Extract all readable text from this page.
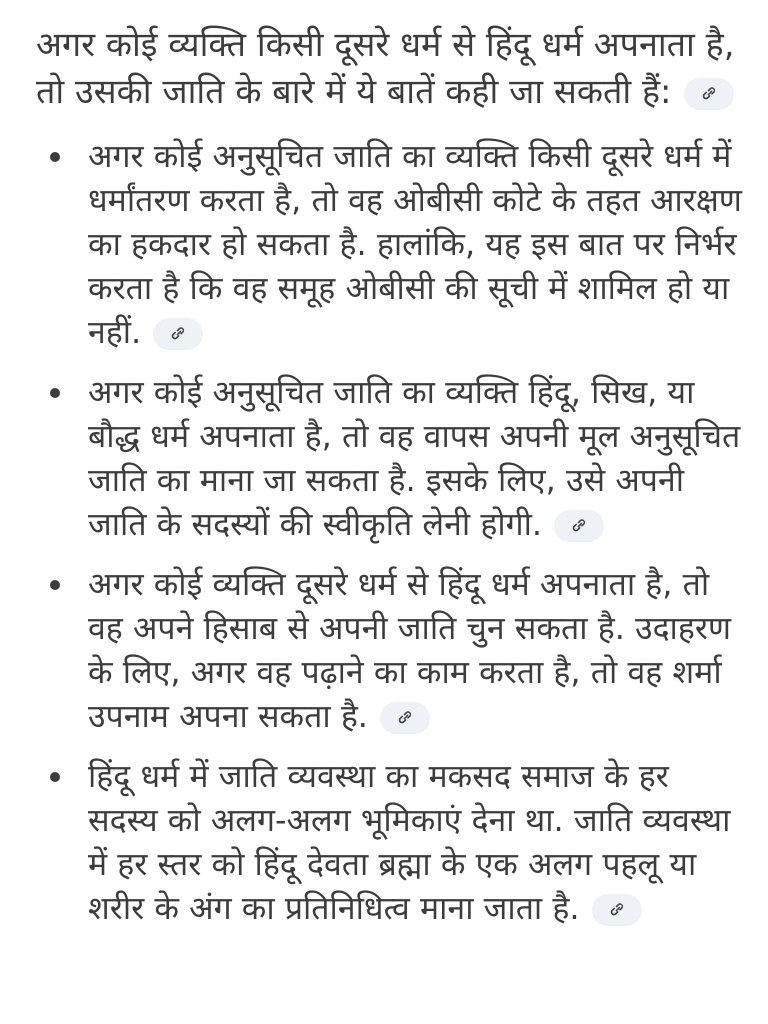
अगर कोई व्यक्ति किसी दूसरे धर्म से हिंदू धर्म अपनाता है, तो उसकी जाति के बारे में ये बातें कही जा सकती हैं:

अगर कोई अनुसूचित जाति का व्यक्ति किसी दूसरे धर्म में धर्मांतरण करता है, तो वह ओबीसी कोटे के तहत आरक्षण का हकदार हो सकता है. हालांकि, यह इस बात पर निर्भर करता है कि वह समूह ओबीसी की सूची में शामिल हो या नहीं.
अगर कोई अनुसूचित जाति का व्यक्ति हिंदू, सिख, या बौद्ध धर्म अपनाता है, तो वह वापस अपनी मूल अनुसूचित जाति का माना जा सकता है. इसके लिए, उसे अपनी जाति के सदस्यों की स्वीकृति लेनी होगी.
अगर कोई व्यक्ति दूसरे धर्म से हिंदू धर्म अपनाता है, तो वह अपने हिसाब से अपनी जाति चुन सकता है. उदाहरण के लिए, अगर वह पढ़ाने का काम करता है, तो वह शर्मा उपनाम अपना सकता है.
हिंदू धर्म में जाति व्यवस्था का मकसद समाज के हर सदस्य को अलग-अलग भूमिकाएं देना था. जाति व्यवस्था में हर स्तर को हिंदू देवता ब्रह्मा के एक अलग पहलू या शरीर के अंग का प्रतिनिधित्व माना जाता है.
